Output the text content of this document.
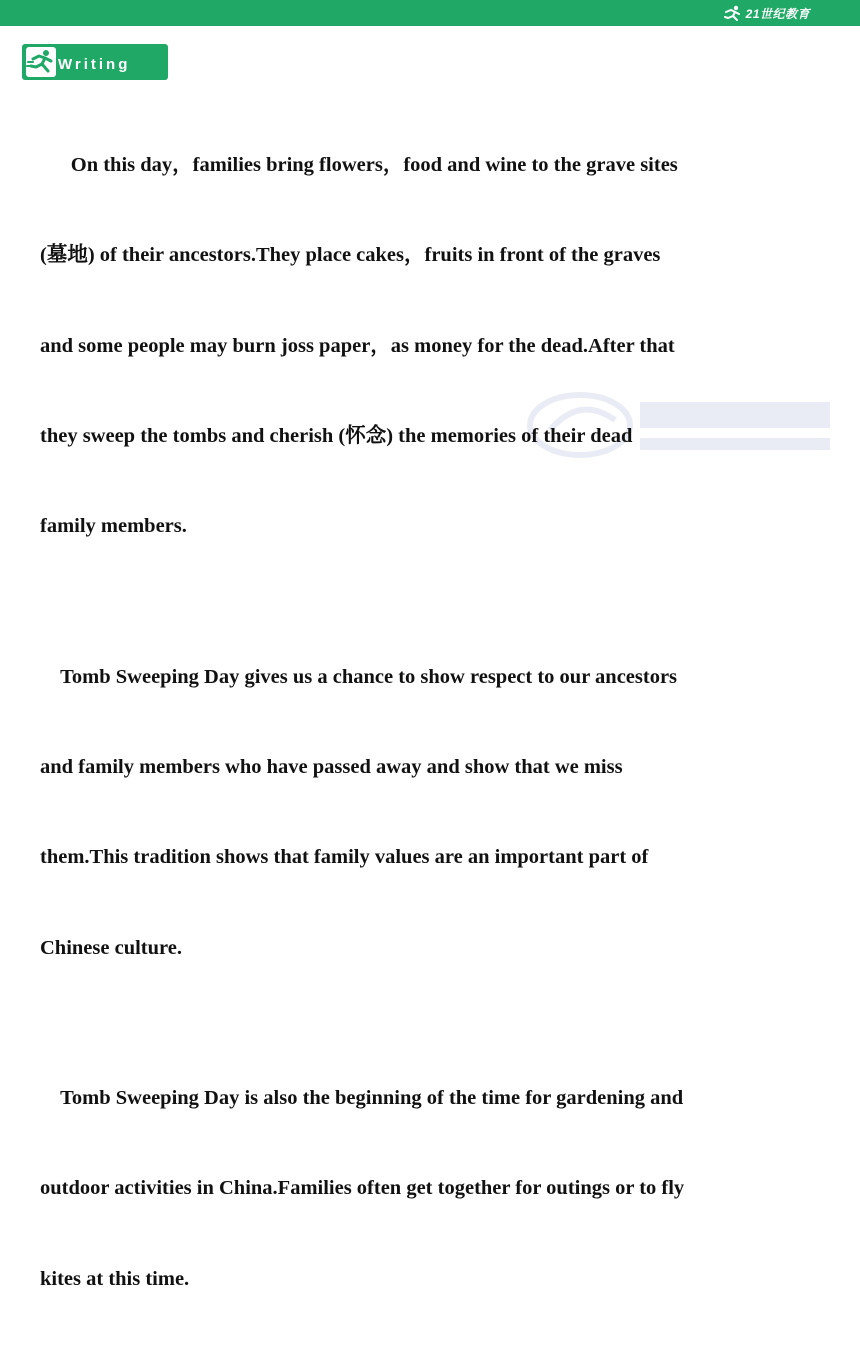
21世纪教育
Writing

On this day，families bring flowers，food and wine to the grave sites

(墓地) of their ancestors.They place cakes，fruits in front of the graves

and some people may burn joss paper，as money for the dead.After that

they sweep the tombs and cherish (怀念) the memories of their dead

family members.

Tomb Sweeping Day gives us a chance to show respect to our ancestors

and family members who have passed away and show that we miss

them.This tradition shows that family values are an important part of

Chinese culture.

Tomb Sweeping Day is also the beginning of the time for gardening and

outdoor activities in China.Families often get together for outings or to fly

kites at this time.
